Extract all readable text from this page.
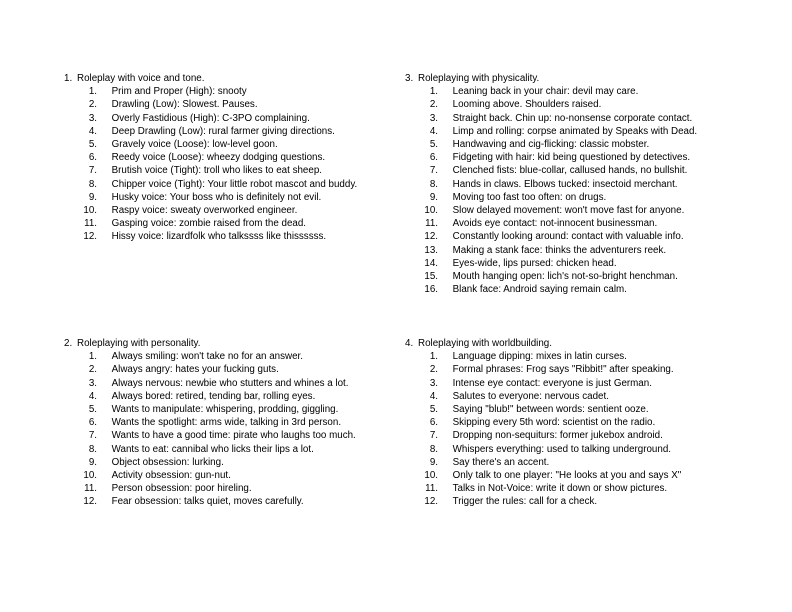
1. Roleplay with voice and tone.
1.
Prim and Proper (High): snooty
2.
Drawling (Low): Slowest. Pauses.
3.
Overly Fastidious (High): C-3PO complaining.
4.
Deep Drawling (Low): rural farmer giving directions.
5.
Gravely voice (Loose): low-level goon.
6.
Reedy voice (Loose): wheezy dodging questions.
7.
Brutish voice (Tight): troll who likes to eat sheep.
8.
Chipper voice (Tight): Your little robot mascot and buddy.
9.
Husky voice: Your boss who is definitely not evil.
10.
Raspy voice: sweaty overworked engineer.
11.
Gasping voice: zombie raised from the dead.
12.
Hissy voice: lizardfolk who talkssss like thissssss.
3. Roleplaying with physicality.
1.
Leaning back in your chair: devil may care.
2.
Looming above. Shoulders raised.
3.
Straight back. Chin up: no-nonsense corporate contact.
4.
Limp and rolling: corpse animated by Speaks with Dead.
5.
Handwaving and cig-flicking: classic mobster.
6.
Fidgeting with hair: kid being questioned by detectives.
7.
Clenched fists: blue-collar, callused hands, no bullshit.
8.
Hands in claws. Elbows tucked: insectoid merchant.
9.
Moving too fast too often: on drugs.
10.
Slow delayed movement: won't move fast for anyone.
11.
Avoids eye contact: not-innocent businessman.
12.
Constantly looking around: contact with valuable info.
13.
Making a stank face: thinks the adventurers reek.
14.
Eyes-wide, lips pursed: chicken head.
15.
Mouth hanging open: lich's not-so-bright henchman.
16.
Blank face: Android saying remain calm.
2. Roleplaying with personality.
1.
Always smiling: won't take no for an answer.
2.
Always angry: hates your fucking guts.
3.
Always nervous: newbie who stutters and whines a lot.
4.
Always bored: retired, tending bar, rolling eyes.
5.
Wants to manipulate: whispering, prodding, giggling.
6.
Wants the spotlight: arms wide, talking in 3rd person.
7.
Wants to have a good time: pirate who laughs too much.
8.
Wants to eat: cannibal who licks their lips a lot.
9.
Object obsession: lurking.
10.
Activity obsession: gun-nut.
11.
Person obsession: poor hireling.
12.
Fear obsession: talks quiet, moves carefully.
4. Roleplaying with worldbuilding.
1.
Language dipping: mixes in latin curses.
2.
Formal phrases: Frog says "Ribbit!" after speaking.
3.
Intense eye contact: everyone is just German.
4.
Salutes to everyone: nervous cadet.
5.
Saying "blub!" between words: sentient ooze.
6.
Skipping every 5th word: scientist on the radio.
7.
Dropping non-sequiturs: former jukebox android.
8.
Whispers everything: used to talking underground.
9.
Say there's an accent.
10.
Only talk to one player: "He looks at you and says X"
11.
Talks in Not-Voice: write it down or show pictures.
12.
Trigger the rules: call for a check.
